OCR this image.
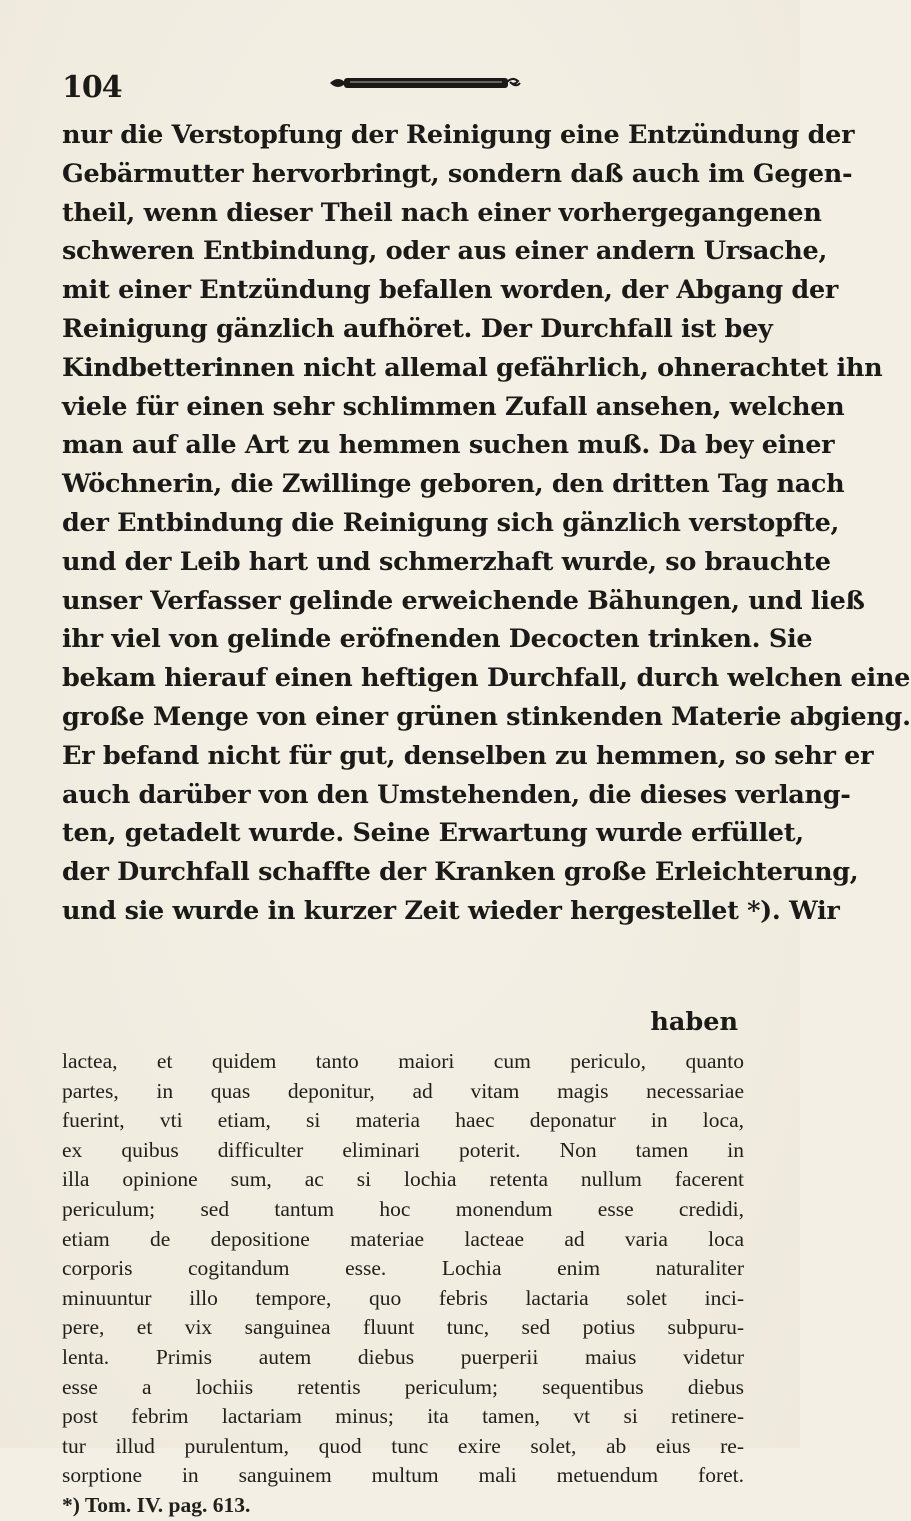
104
nur die Verstopfung der Reinigung eine Entzündung der
Gebärmutter hervorbringt, sondern daß auch im Gegen-
theil, wenn dieser Theil nach einer vorhergegangenen
schweren Entbindung, oder aus einer andern Ursache,
mit einer Entzündung befallen worden, der Abgang der
Reinigung gänzlich aufhöret. Der Durchfall ist bey
Kindbetterinnen nicht allemal gefährlich, ohnerachtet ihn
viele für einen sehr schlimmen Zufall ansehen, welchen
man auf alle Art zu hemmen suchen muß. Da bey einer
Wöchnerin, die Zwillinge geboren, den dritten Tag nach
der Entbindung die Reinigung sich gänzlich verstopfte,
und der Leib hart und schmerzhaft wurde, so brauchte
unser Verfasser gelinde erweichende Bähungen, und ließ
ihr viel von gelinde eröfnenden Decocten trinken. Sie
bekam hierauf einen heftigen Durchfall, durch welchen eine
große Menge von einer grünen stinkenden Materie abgieng.
Er befand nicht für gut, denselben zu hemmen, so sehr er
auch darüber von den Umstehenden, die dieses verlang-
ten, getadelt wurde. Seine Erwartung wurde erfüllet,
der Durchfall schaffte der Kranken große Erleichterung,
und sie wurde in kurzer Zeit wieder hergestellet *). Wir
haben
lactea, et quidem tanto maiori cum periculo, quanto
partes, in quas deponitur, ad vitam magis necessariae
fuerint, vti etiam, si materia haec deponatur in loca,
ex quibus difficulter eliminari poterit. Non tamen in
illa opinione sum, ac si lochia retenta nullum facerent
periculum; sed tantum hoc monendum esse credidi,
etiam de depositione materiae lacteae ad varia loca
corporis cogitandum esse. Lochia enim naturaliter
minuuntur illo tempore, quo febris lactaria solet inci-
pere, et vix sanguinea fluunt tunc, sed potius subpuru-
lenta. Primis autem diebus puerperii maius videtur
esse a lochiis retentis periculum; sequentibus diebus
post febrim lactariam minus; ita tamen, vt si retinere-
tur illud purulentum, quod tunc exire solet, ab eius re-
sorptione in sanguinem multum mali metuendum foret.
*) Tom. IV. pag. 613.
